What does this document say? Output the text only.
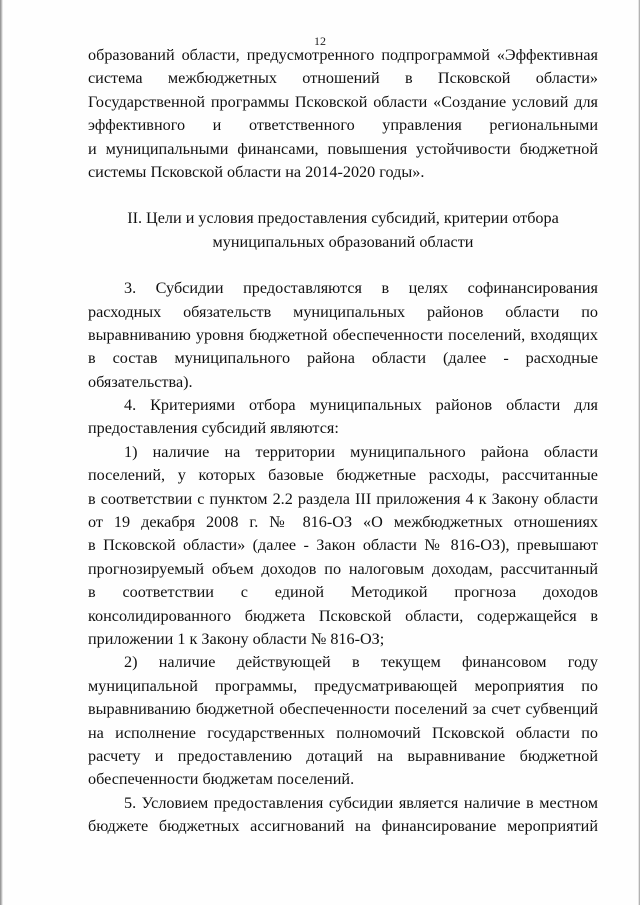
12
образований области, предусмотренного подпрограммой «Эффективная
система межбюджетных отношений в Псковской области»
Государственной программы Псковской области «Создание условий для
эффективного и ответственного управления региональными
и муниципальными финансами, повышения устойчивости бюджетной
системы Псковской области на 2014-2020 годы».
II. Цели и условия предоставления субсидий, критерии отбора
муниципальных образований области
3. Субсидии предоставляются в целях софинансирования
расходных обязательств муниципальных районов области по
выравниванию уровня бюджетной обеспеченности поселений, входящих
в состав муниципального района области (далее - расходные
обязательства).
4. Критериями отбора муниципальных районов области для
предоставления субсидий являются:
1) наличие на территории муниципального района области
поселений, у которых базовые бюджетные расходы, рассчитанные
в соответствии с пунктом 2.2 раздела III приложения 4 к Закону области
от 19 декабря 2008 г. № 816-ОЗ «О межбюджетных отношениях
в Псковской области» (далее - Закон области № 816-ОЗ), превышают
прогнозируемый объем доходов по налоговым доходам, рассчитанный
в соответствии с единой Методикой прогноза доходов
консолидированного бюджета Псковской области, содержащейся в
приложении 1 к Закону области № 816-ОЗ;
2) наличие действующей в текущем финансовом году
муниципальной программы, предусматривающей мероприятия по
выравниванию бюджетной обеспеченности поселений за счет субвенций
на исполнение государственных полномочий Псковской области по
расчету и предоставлению дотаций на выравнивание бюджетной
обеспеченности бюджетам поселений.
5. Условием предоставления субсидии является наличие в местном
бюджете бюджетных ассигнований на финансирование мероприятий
